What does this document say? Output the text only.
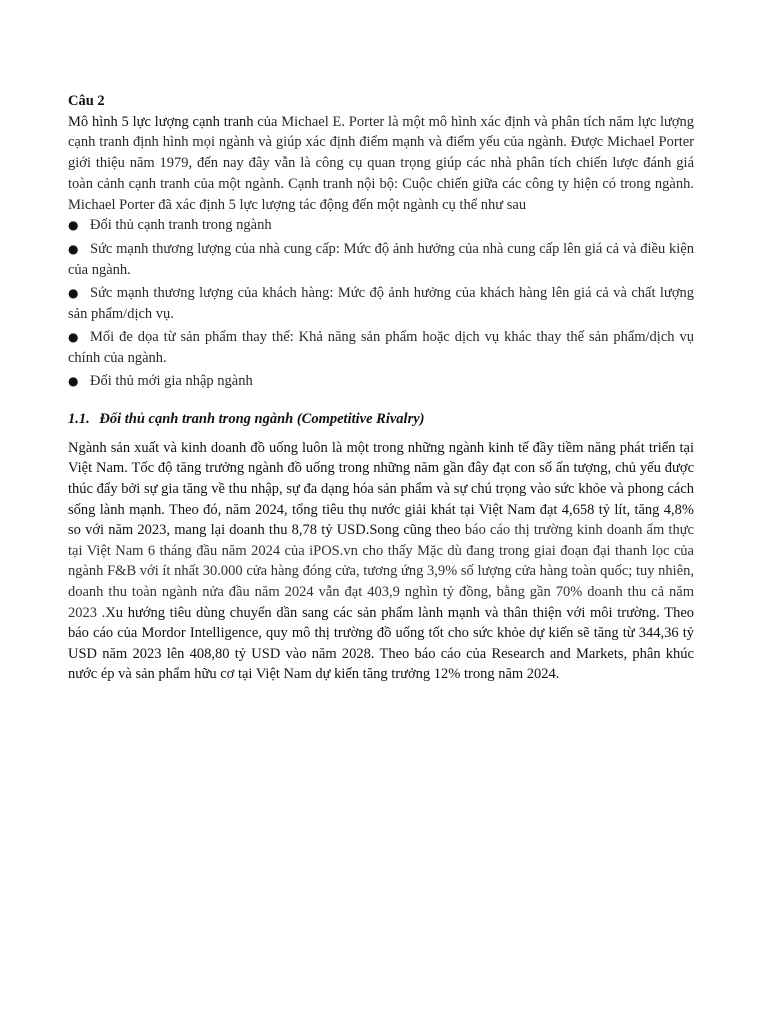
Câu 2

Mô hình 5 lực lượng cạnh tranh của Michael E. Porter là một mô hình xác định và phân tích năm lực lượng cạnh tranh định hình mọi ngành và giúp xác định điểm mạnh và điểm yếu của ngành. Được Michael Porter giới thiệu năm 1979, đến nay đây vẫn là công cụ quan trọng giúp các nhà phân tích chiến lược đánh giá toàn cảnh cạnh tranh của một ngành. Cạnh tranh nội bộ: Cuộc chiến giữa các công ty hiện có trong ngành. Michael Porter đã xác định 5 lực lượng tác động đến một ngành cụ thể như sau

● Đối thủ cạnh tranh trong ngành
● Sức mạnh thương lượng của nhà cung cấp: Mức độ ảnh hưởng của nhà cung cấp lên giá cả và điều kiện của ngành.
● Sức mạnh thương lượng của khách hàng: Mức độ ảnh hưởng của khách hàng lên giá cả và chất lượng sản phẩm/dịch vụ.
● Mối đe dọa từ sản phẩm thay thế: Khả năng sản phẩm hoặc dịch vụ khác thay thế sản phẩm/dịch vụ chính của ngành.
● Đối thủ mới gia nhập ngành

1.1. Đối thủ cạnh tranh trong ngành (Competitive Rivalry)

Ngành sản xuất và kinh doanh đồ uống luôn là một trong những ngành kinh tế đầy tiềm năng phát triển tại Việt Nam. Tốc độ tăng trưởng ngành đồ uống trong những năm gần đây đạt con số ấn tượng, chủ yếu được thúc đẩy bởi sự gia tăng về thu nhập, sự đa dạng hóa sản phẩm và sự chú trọng vào sức khỏe và phong cách sống lành mạnh. Theo đó, năm 2024, tổng tiêu thụ nước giải khát tại Việt Nam đạt 4,658 tỷ lít, tăng 4,8% so với năm 2023, mang lại doanh thu 8,78 tỷ USD.Song cũng theo báo cáo thị trường kinh doanh ẩm thực tại Việt Nam 6 tháng đầu năm 2024 của iPOS.vn cho thấy Mặc dù đang trong giai đoạn đại thanh lọc của ngành F&B với ít nhất 30.000 cửa hàng đóng cửa, tương ứng 3,9% số lượng cửa hàng toàn quốc; tuy nhiên, doanh thu toàn ngành nửa đầu năm 2024 vẫn đạt 403,9 nghìn tỷ đồng, bằng gần 70% doanh thu cả năm 2023 .Xu hướng tiêu dùng chuyển dần sang các sản phẩm lành mạnh và thân thiện với môi trường. Theo báo cáo của Mordor Intelligence, quy mô thị trường đồ uống tốt cho sức khỏe dự kiến sẽ tăng từ 344,36 tỷ USD năm 2023 lên 408,80 tỷ USD vào năm 2028. Theo báo cáo của Research and Markets, phân khúc nước ép và sản phẩm hữu cơ tại Việt Nam dự kiến tăng trưởng 12% trong năm 2024.
